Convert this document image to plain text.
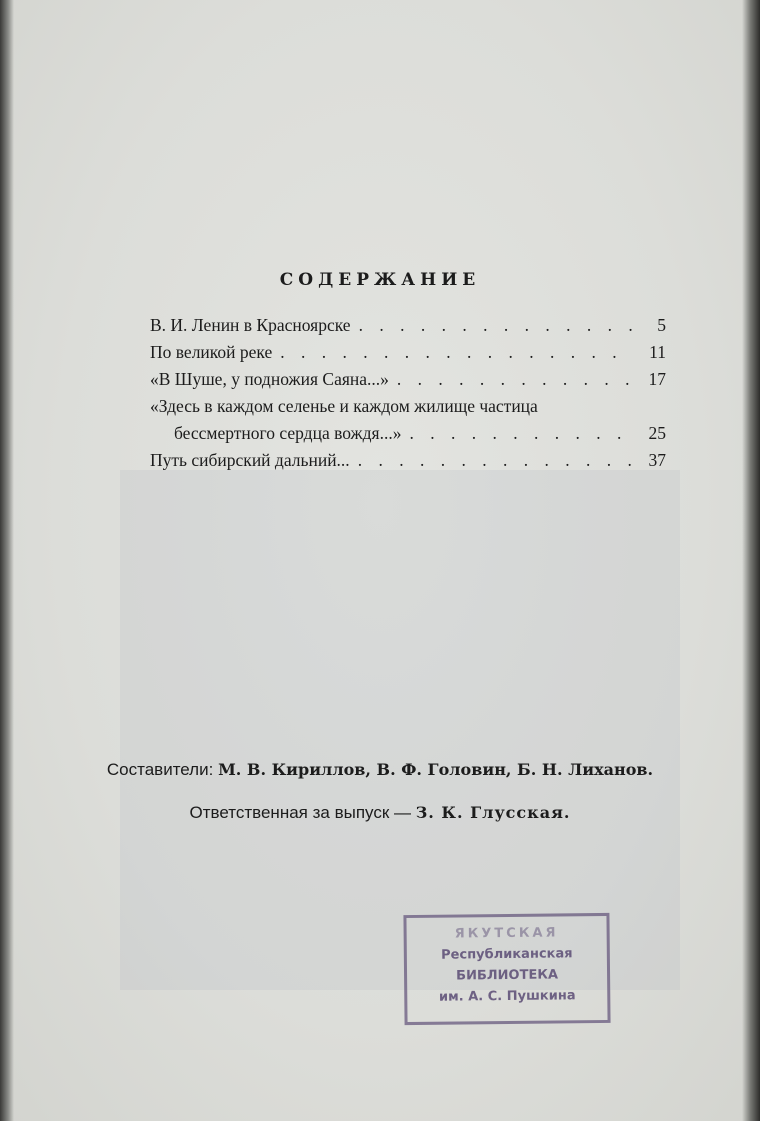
СОДЕРЖАНИЕ
В. И. Ленин в Красноярске . . .	5
По великой реке . . .	11
«В Шуше, у подножия Саяна...» . . .	17
«Здесь в каждом селенье и каждом жилище частица
бессмертного сердца вождя...» . . .	25
Путь сибирский дальний... . . .	37
Составители: М. В. Кириллов, В. Ф. Головин, Б. Н. Лиханов.
Ответственная за выпуск — З. К. Глусская.
ЯКУТСКАЯ
Республиканская
БИБЛИОТЕКА
им. А. С. Пушкина
